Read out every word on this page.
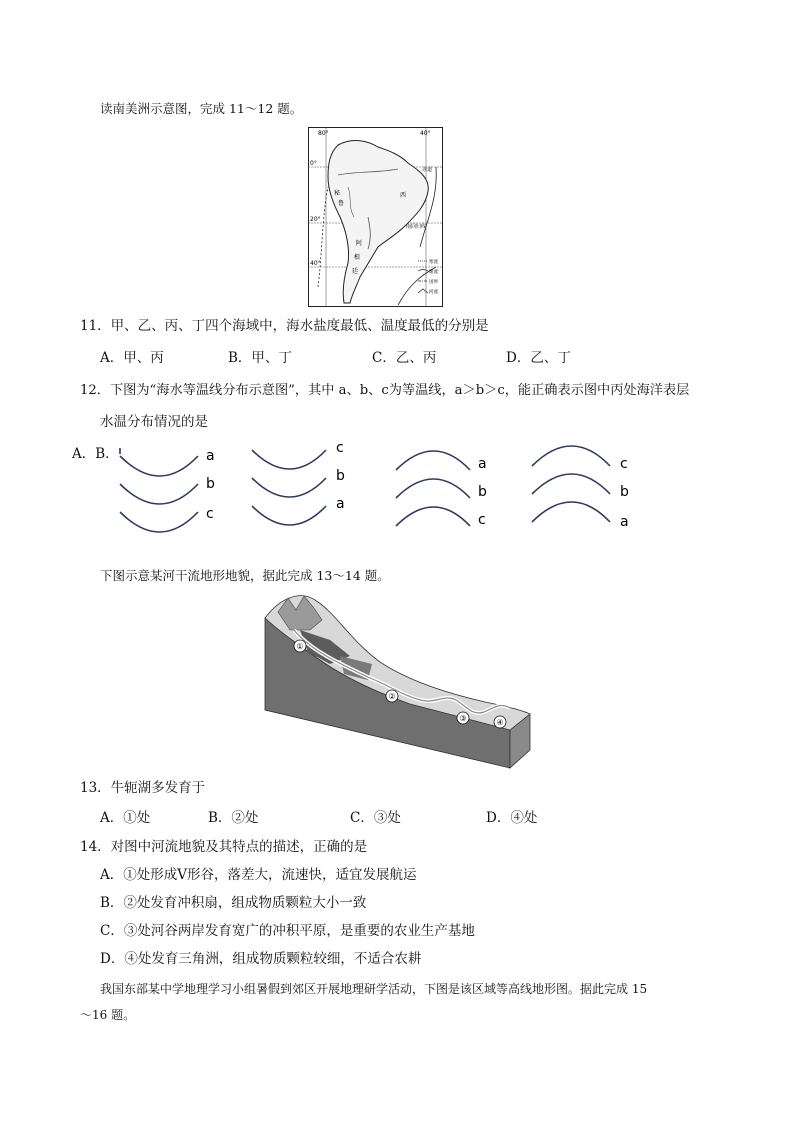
读南美洲示意图，完成 11～12 题。
80°	40°
0°
20°
40°
赤道
南回归线
西
阿
根
廷
秘
鲁
寒流
暖流
国界
河流
11．甲、乙、丙、丁四个海域中，海水盐度最低、温度最低的分别是
A．甲、丙	B．甲、丁	C．乙、丙	D．乙、丁
12．下图为“海水等温线分布示意图”，其中 a、b、c为等温线，a＞b＞c，能正确表示图中丙处海洋表层
水温分布情况的是
A．B．	a
b
c
c
b
a
a
b
c
c
b
a
下图示意某河干流地形地貌，据此完成 13～14 题。
①
②
③	④
13．牛轭湖多发育于
A．①处	B．②处	C．③处	D．④处
14．对图中河流地貌及其特点的描述，正确的是
A．①处形成Ⅴ形谷，落差大，流速快，适宜发展航运
B．②处发育冲积扇，组成物质颗粒大小一致
C．③处河谷两岸发育宽广的冲积平原，是重要的农业生产基地
D．④处发育三角洲，组成物质颗粒较细，不适合农耕
我国东部某中学地理学习小组暑假到郊区开展地理研学活动，下图是该区域等高线地形图。据此完成 15
～16 题。
